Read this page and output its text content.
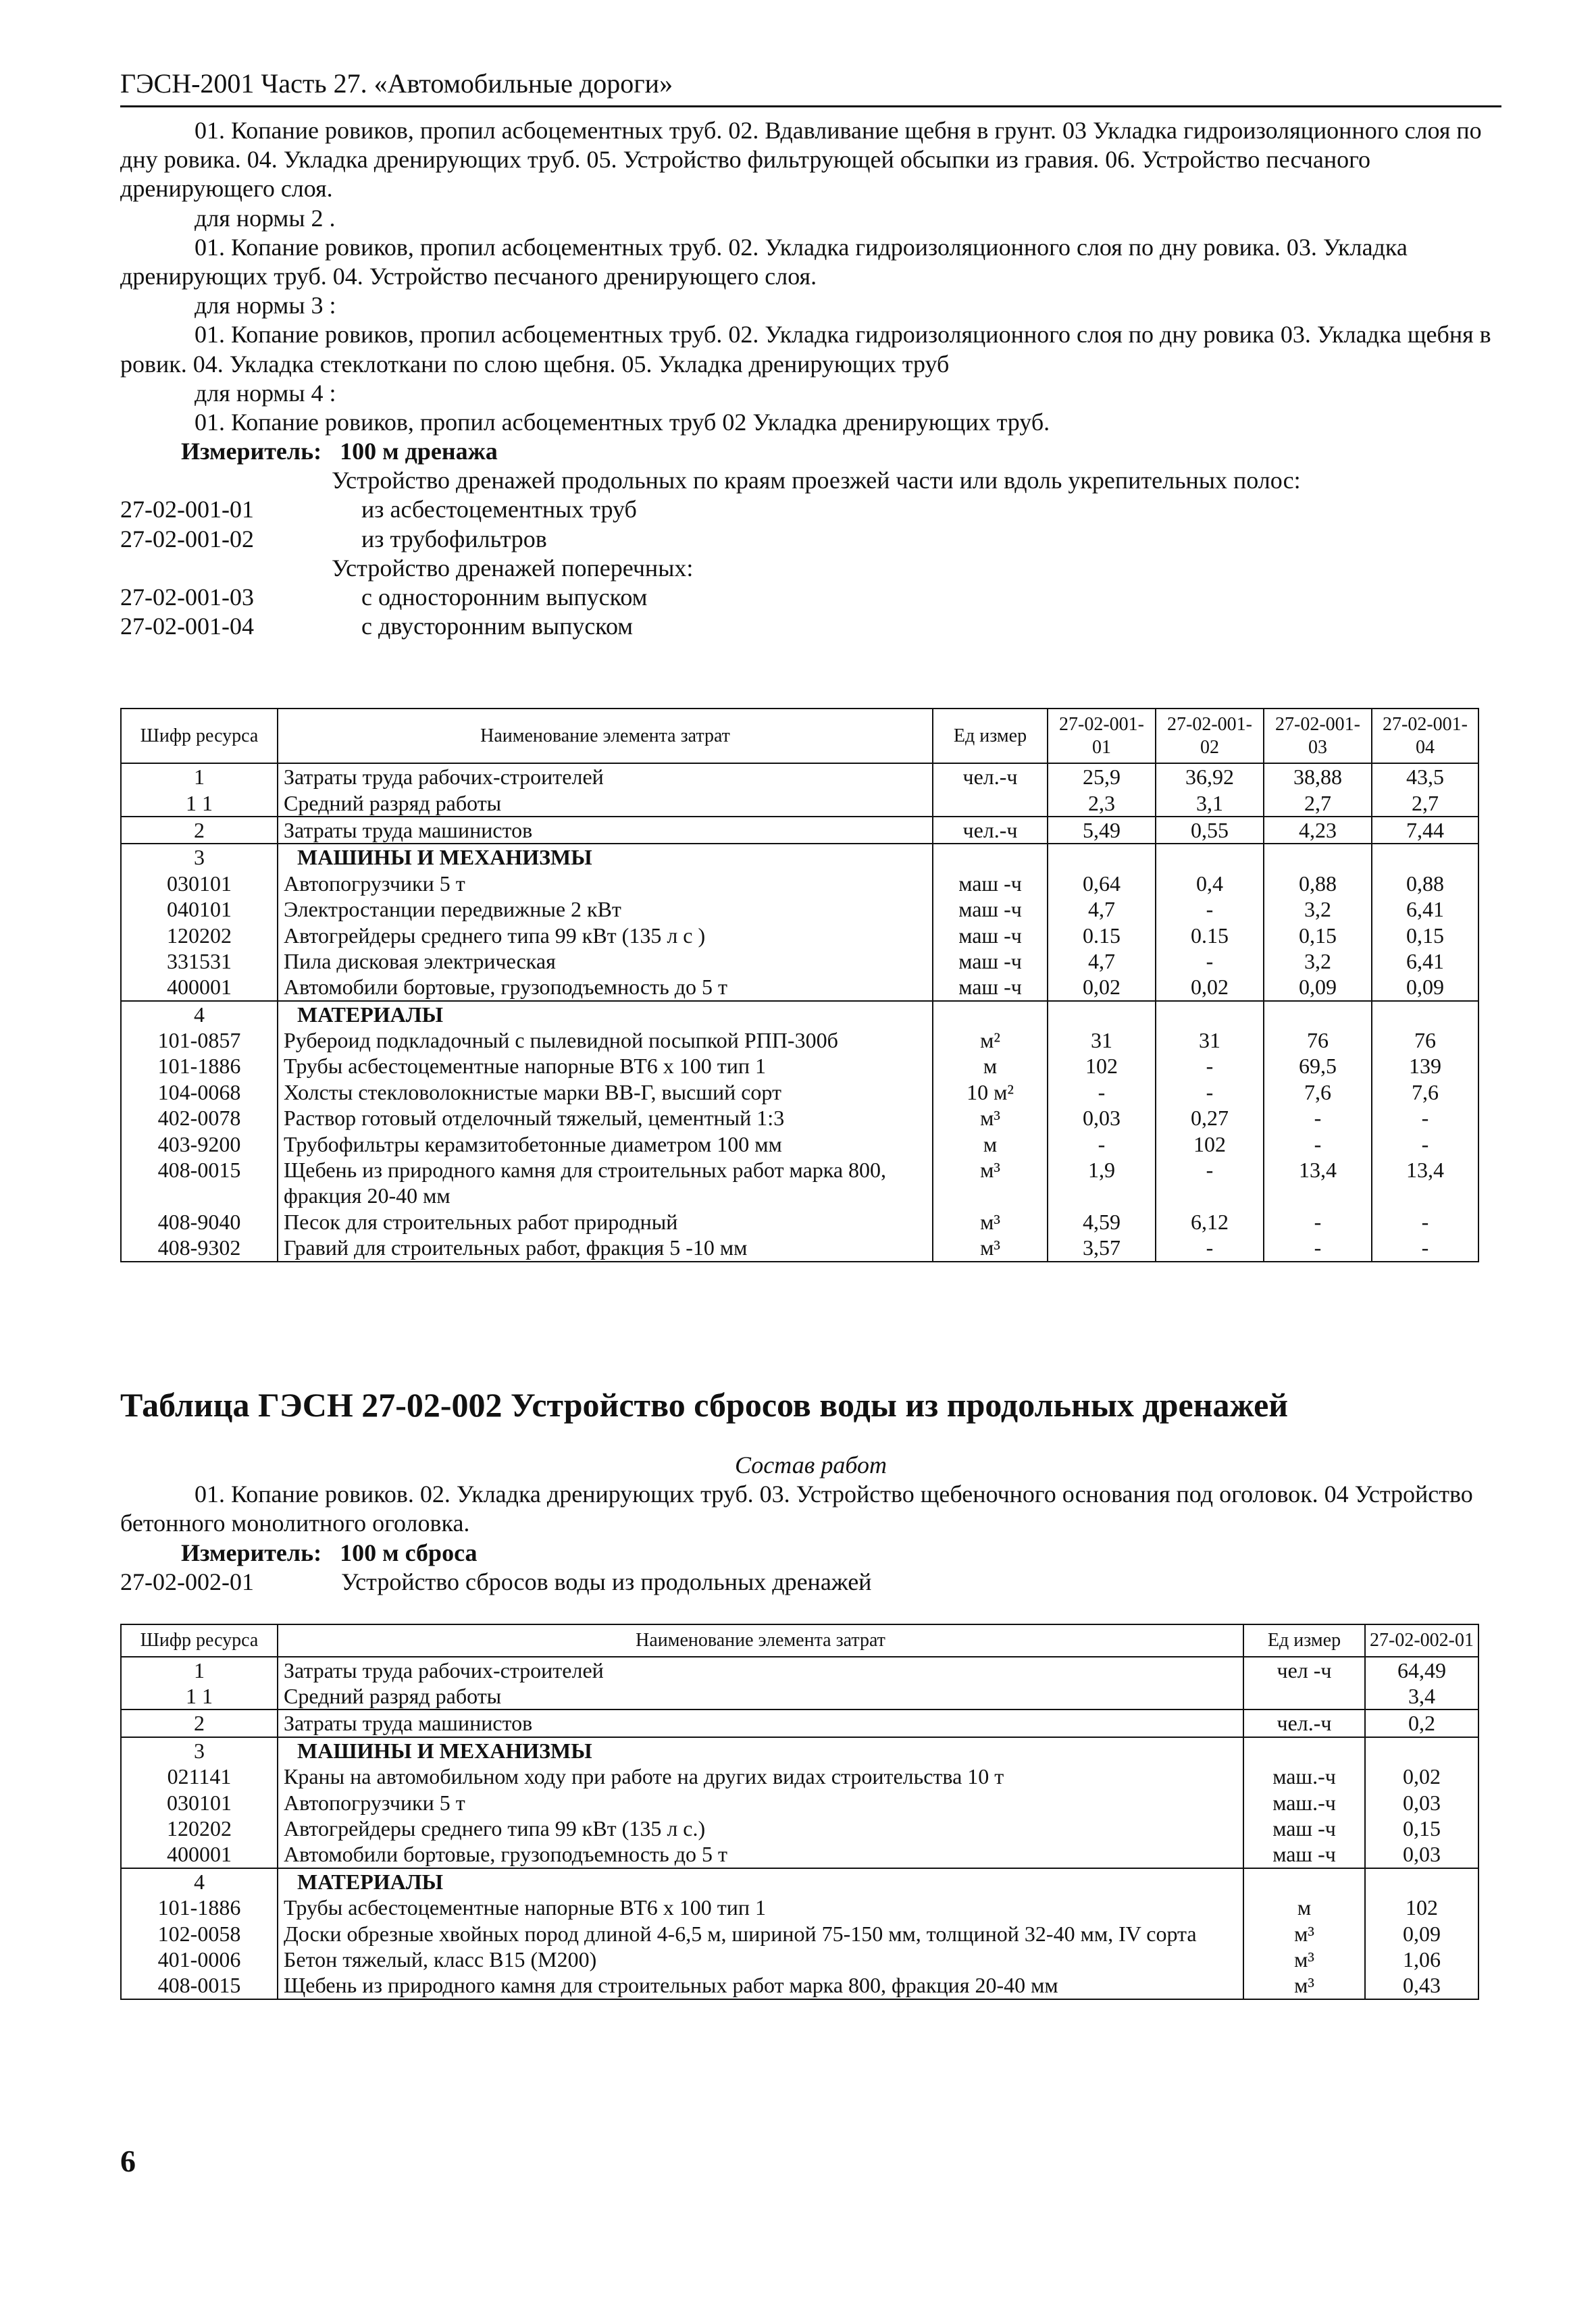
ГЭСН-2001 Часть 27. «Автомобильные дороги»

01. Копание ровиков, пропил асбоцементных труб. 02. Вдавливание щебня в грунт. 03 Укладка гидроизоляционного слоя по дну ровика. 04. Укладка дренирующих труб. 05. Устройство фильтрующей обсыпки из гравия. 06. Устройство песчаного дренирующего слоя.

для нормы 2 .

01. Копание ровиков, пропил асбоцементных труб. 02. Укладка гидроизоляционного слоя по дну ровика. 03. Укладка дренирующих труб. 04. Устройство песчаного дренирующего слоя.

для нормы 3 :

01. Копание ровиков, пропил асбоцементных труб. 02. Укладка гидроизоляционного слоя по дну ровика 03. Укладка щебня в ровик. 04. Укладка стеклоткани по слою щебня. 05. Укладка дренирующих труб

для нормы 4 :

01. Копание ровиков, пропил асбоцементных труб 02 Укладка дренирующих труб.

Измеритель: 100 м дренажа

Устройство дренажей продольных по краям проезжей части или вдоль укрепительных полос:

27-02-001-01	из асбестоцементных труб
27-02-001-02	из трубофильтров

Устройство дренажей поперечных:

27-02-001-03	с односторонним выпуском
27-02-001-04	с двусторонним выпуском
Шифр ресурса	Наименование элемента затрат	Ед измер	27-02-001-01	27-02-001-02	27-02-001-03	27-02-001-04
1	Затраты труда рабочих-строителей	чел.-ч	25,9	36,92	38,88	43,5
1 1	Средний разряд работы		2,3	3,1	2,7	2,7
2	Затраты труда машинистов	чел.-ч	5,49	0,55	4,23	7,44
3	МАШИНЫ И МЕХАНИЗМЫ					
030101	Автопогрузчики 5 т	маш -ч	0,64	0,4	0,88	0,88
040101	Электростанции передвижные 2 кВт	маш -ч	4,7	-	3,2	6,41
120202	Автогрейдеры среднего типа 99 кВт (135 л с )	маш -ч	0.15	0.15	0,15	0,15
331531	Пила дисковая электрическая	маш -ч	4,7	-	3,2	6,41
400001	Автомобили бортовые, грузоподъемность до 5 т	маш -ч	0,02	0,02	0,09	0,09
4	МАТЕРИАЛЫ					
101-0857	Рубероид подкладочный с пылевидной посыпкой РПП-300б	м²	31	31	76	76
101-1886	Трубы асбестоцементные напорные ВТ6 x 100 тип 1	м	102	-	69,5	139
104-0068	Холсты стекловолокнистые марки ВВ-Г, высший сорт	10 м²	-	-	7,6	7,6
402-0078	Раствор готовый отделочный тяжелый, цементный 1:3	м³	0,03	0,27	-	-
403-9200	Трубофильтры керамзитобетонные диаметром 100 мм	м	-	102	-	-
408-0015	Щебень из природного камня для строительных работ марка 800, фракция 20-40 мм	м³	1,9	-	13,4	13,4
408-9040	Песок для строительных работ природный	м³	4,59	6,12	-	-
408-9302	Гравий для строительных работ, фракция 5 -10 мм	м³	3,57	-	-	-
Таблица ГЭСН 27-02-002 Устройство сбросов воды из продольных дренажей

Состав работ

01. Копание ровиков. 02. Укладка дренирующих труб. 03. Устройство щебеночного основания под оголовок. 04 Устройство бетонного монолитного оголовка.

Измеритель: 100 м сброса

27-02-002-01	Устройство сбросов воды из продольных дренажей
Шифр ресурса	Наименование элемента затрат	Ед измер	27-02-002-01
1	Затраты труда рабочих-строителей	чел -ч	64,49
1 1	Средний разряд работы		3,4
2	Затраты труда машинистов	чел.-ч	0,2
3	МАШИНЫ И МЕХАНИЗМЫ		
021141	Краны на автомобильном ходу при работе на других видах строительства 10 т	маш.-ч	0,02
030101	Автопогрузчики 5 т	маш.-ч	0,03
120202	Автогрейдеры среднего типа 99 кВт (135 л с.)	маш -ч	0,15
400001	Автомобили бортовые, грузоподъемность до 5 т	маш -ч	0,03
4	МАТЕРИАЛЫ		
101-1886	Трубы асбестоцементные напорные ВТ6 x 100 тип 1	м	102
102-0058	Доски обрезные хвойных пород длиной 4-6,5 м, шириной 75-150 мм, толщиной 32-40 мм, IV сорта	м³	0,09
401-0006	Бетон тяжелый, класс В15 (М200)	м³	1,06
408-0015	Щебень из природного камня для строительных работ марка 800, фракция 20-40 мм	м³	0,43
6
